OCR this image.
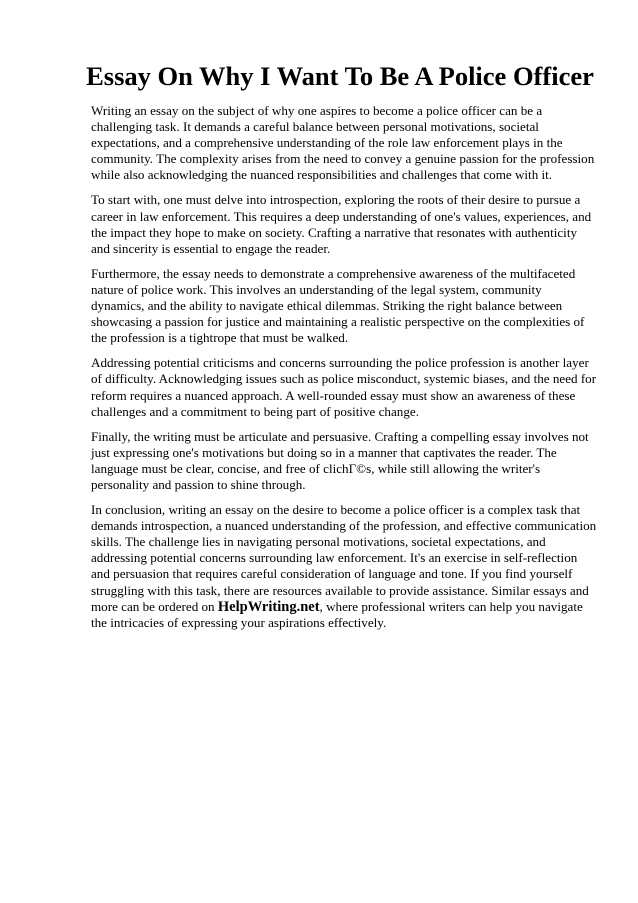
Essay On Why I Want To Be A Police Officer

Writing an essay on the subject of why one aspires to become a police officer can be a challenging task. It demands a careful balance between personal motivations, societal expectations, and a comprehensive understanding of the role law enforcement plays in the community. The complexity arises from the need to convey a genuine passion for the profession while also acknowledging the nuanced responsibilities and challenges that come with it.

To start with, one must delve into introspection, exploring the roots of their desire to pursue a career in law enforcement. This requires a deep understanding of one's values, experiences, and the impact they hope to make on society. Crafting a narrative that resonates with authenticity and sincerity is essential to engage the reader.

Furthermore, the essay needs to demonstrate a comprehensive awareness of the multifaceted nature of police work. This involves an understanding of the legal system, community dynamics, and the ability to navigate ethical dilemmas. Striking the right balance between showcasing a passion for justice and maintaining a realistic perspective on the complexities of the profession is a tightrope that must be walked.

Addressing potential criticisms and concerns surrounding the police profession is another layer of difficulty. Acknowledging issues such as police misconduct, systemic biases, and the need for reform requires a nuanced approach. A well-rounded essay must show an awareness of these challenges and a commitment to being part of positive change.

Finally, the writing must be articulate and persuasive. Crafting a compelling essay involves not just expressing one's motivations but doing so in a manner that captivates the reader. The language must be clear, concise, and free of clichГ©s, while still allowing the writer's personality and passion to shine through.

In conclusion, writing an essay on the desire to become a police officer is a complex task that demands introspection, a nuanced understanding of the profession, and effective communication skills. The challenge lies in navigating personal motivations, societal expectations, and addressing potential concerns surrounding law enforcement. It's an exercise in self-reflection and persuasion that requires careful consideration of language and tone. If you find yourself struggling with this task, there are resources available to provide assistance. Similar essays and more can be ordered on HelpWriting.net, where professional writers can help you navigate the intricacies of expressing your aspirations effectively.
